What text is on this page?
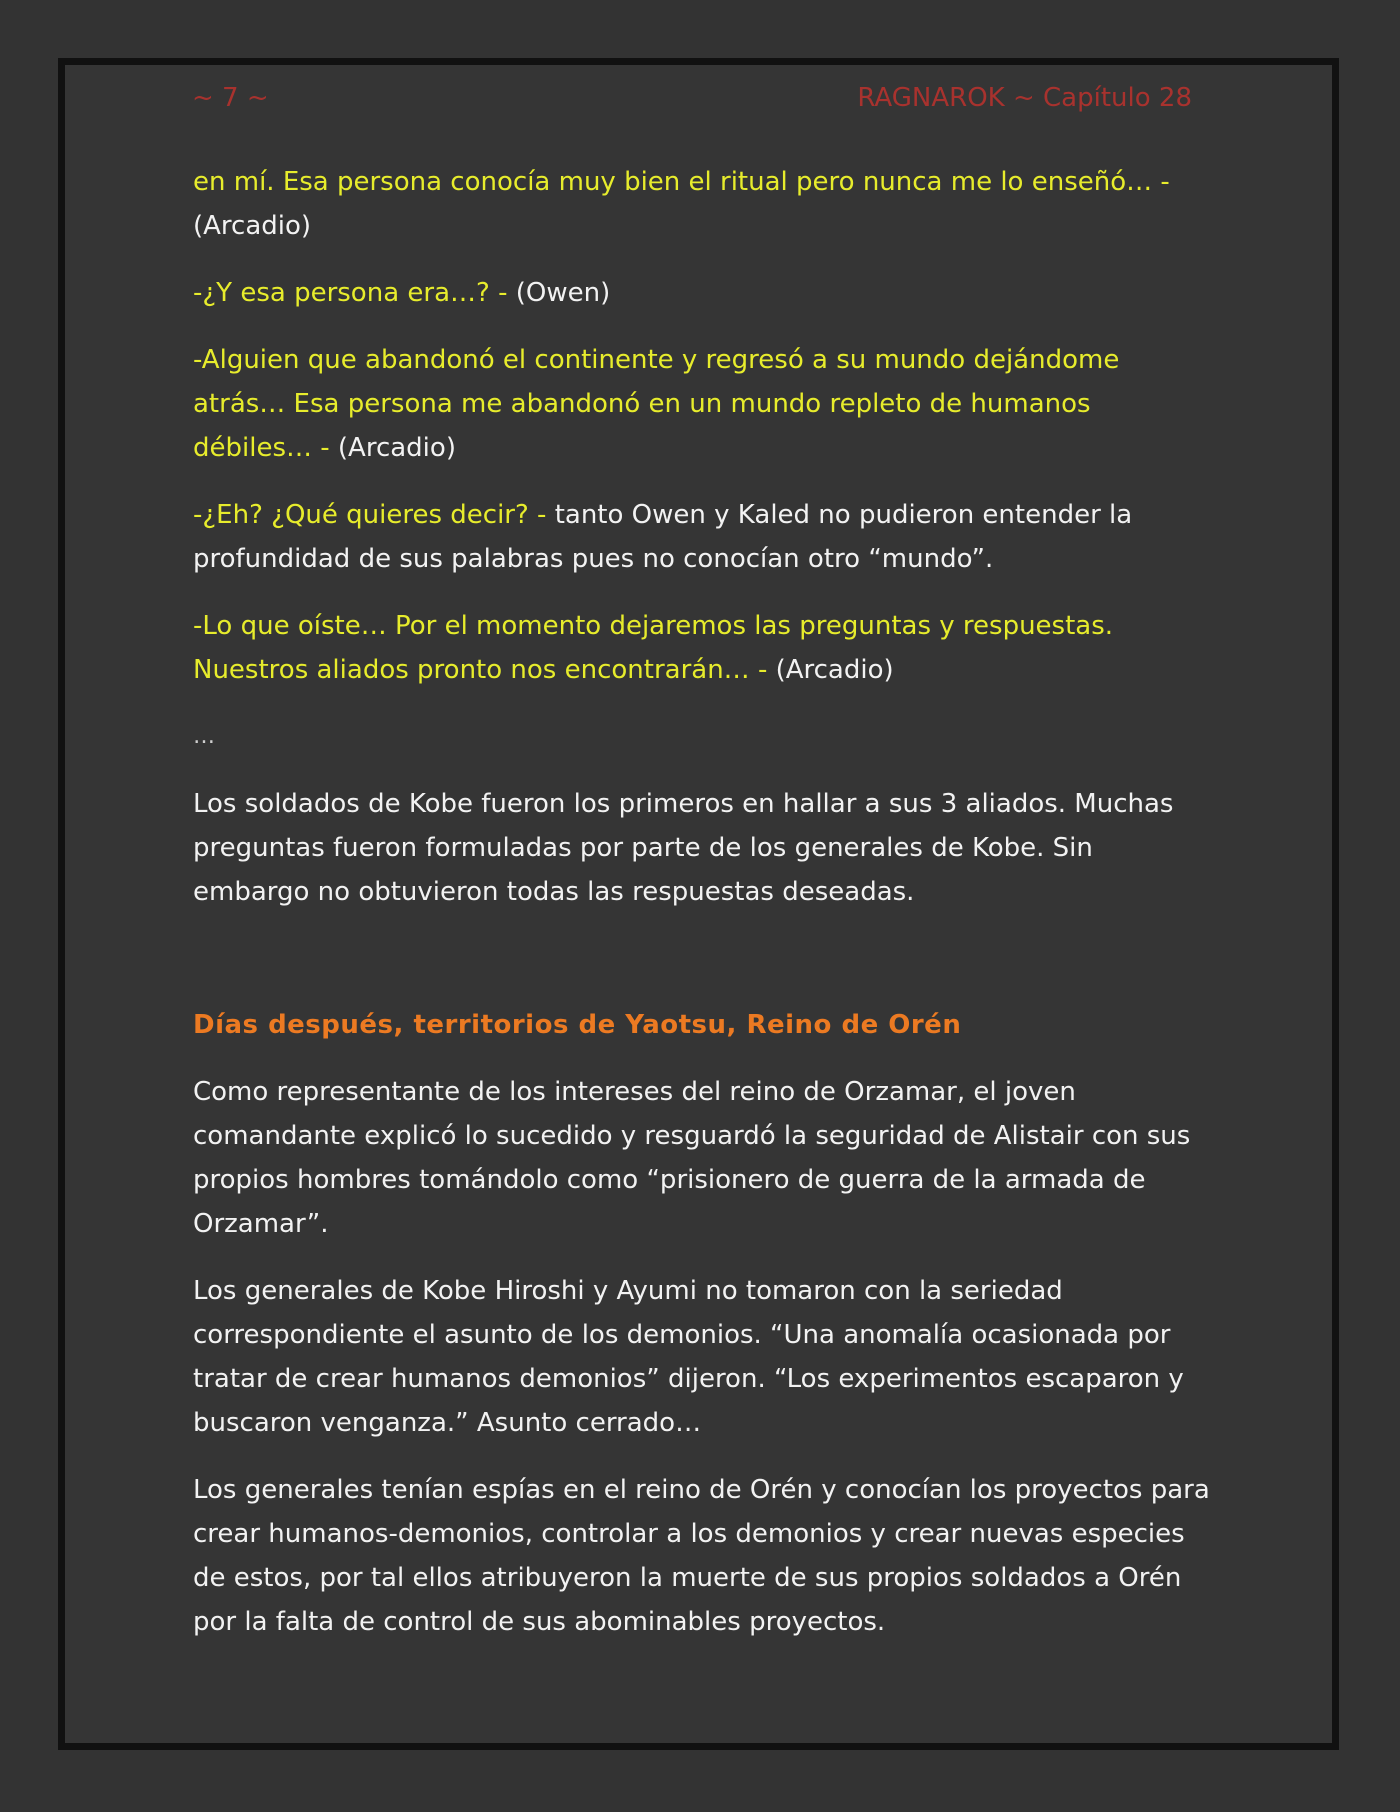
~ 7 ~	RAGNAROK ~ Capítulo 28

en mí. Esa persona conocía muy bien el ritual pero nunca me lo enseñó… - (Arcadio)

-¿Y esa persona era…? - (Owen)

-Alguien que abandonó el continente y regresó a su mundo dejándome atrás… Esa persona me abandonó en un mundo repleto de humanos débiles… - (Arcadio)

-¿Eh? ¿Qué quieres decir? - tanto Owen y Kaled no pudieron entender la profundidad de sus palabras pues no conocían otro “mundo”.

-Lo que oíste… Por el momento dejaremos las preguntas y respuestas. Nuestros aliados pronto nos encontrarán… - (Arcadio)

…

Los soldados de Kobe fueron los primeros en hallar a sus 3 aliados. Muchas preguntas fueron formuladas por parte de los generales de Kobe. Sin embargo no obtuvieron todas las respuestas deseadas.

Días después, territorios de Yaotsu, Reino de Orén

Como representante de los intereses del reino de Orzamar, el joven comandante explicó lo sucedido y resguardó la seguridad de Alistair con sus propios hombres tomándolo como “prisionero de guerra de la armada de Orzamar”.

Los generales de Kobe Hiroshi y Ayumi no tomaron con la seriedad correspondiente el asunto de los demonios. “Una anomalía ocasionada por tratar de crear humanos demonios” dijeron. “Los experimentos escaparon y buscaron venganza.” Asunto cerrado…

Los generales tenían espías en el reino de Orén y conocían los proyectos para crear humanos-demonios, controlar a los demonios y crear nuevas especies de estos, por tal ellos atribuyeron la muerte de sus propios soldados a Orén por la falta de control de sus abominables proyectos.
